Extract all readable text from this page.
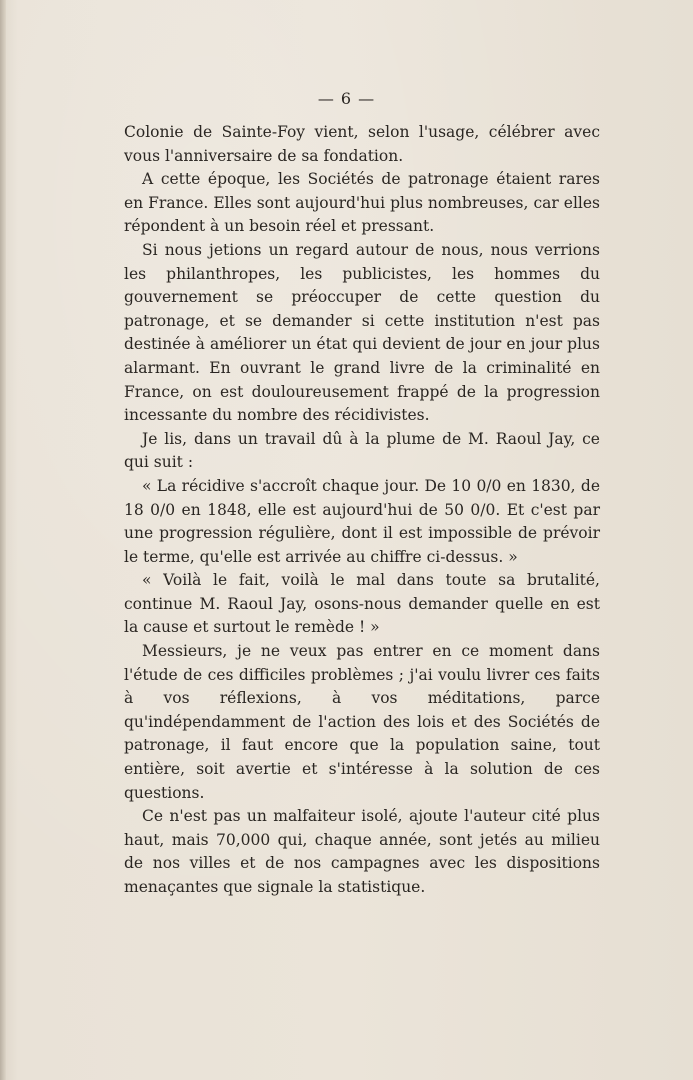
— 6 —

Colonie de Sainte-Foy vient, selon l'usage, célébrer avec vous l'anniversaire de sa fondation.

A cette époque, les Sociétés de patronage étaient rares en France. Elles sont aujourd'hui plus nombreuses, car elles répondent à un besoin réel et pressant.

Si nous jetions un regard autour de nous, nous verrions les philanthropes, les publicistes, les hommes du gouvernement se préoccuper de cette question du patronage, et se demander si cette institution n'est pas destinée à améliorer un état qui devient de jour en jour plus alarmant. En ouvrant le grand livre de la criminalité en France, on est douloureusement frappé de la progression incessante du nombre des récidivistes.

Je lis, dans un travail dû à la plume de M. Raoul Jay, ce qui suit :

« La récidive s'accroît chaque jour. De 10 0/0 en 1830, de 18 0/0 en 1848, elle est aujourd'hui de 50 0/0. Et c'est par une progression régulière, dont il est impossible de prévoir le terme, qu'elle est arrivée au chiffre ci-dessus. »

« Voilà le fait, voilà le mal dans toute sa brutalité, continue M. Raoul Jay, osons-nous demander quelle en est la cause et surtout le remède ! »

Messieurs, je ne veux pas entrer en ce moment dans l'étude de ces difficiles problèmes ; j'ai voulu livrer ces faits à vos réflexions, à vos méditations, parce qu'indépendamment de l'action des lois et des Sociétés de patronage, il faut encore que la population saine, tout entière, soit avertie et s'intéresse à la solution de ces questions.

Ce n'est pas un malfaiteur isolé, ajoute l'auteur cité plus haut, mais 70,000 qui, chaque année, sont jetés au milieu de nos villes et de nos campagnes avec les dispositions menaçantes que signale la statistique.
